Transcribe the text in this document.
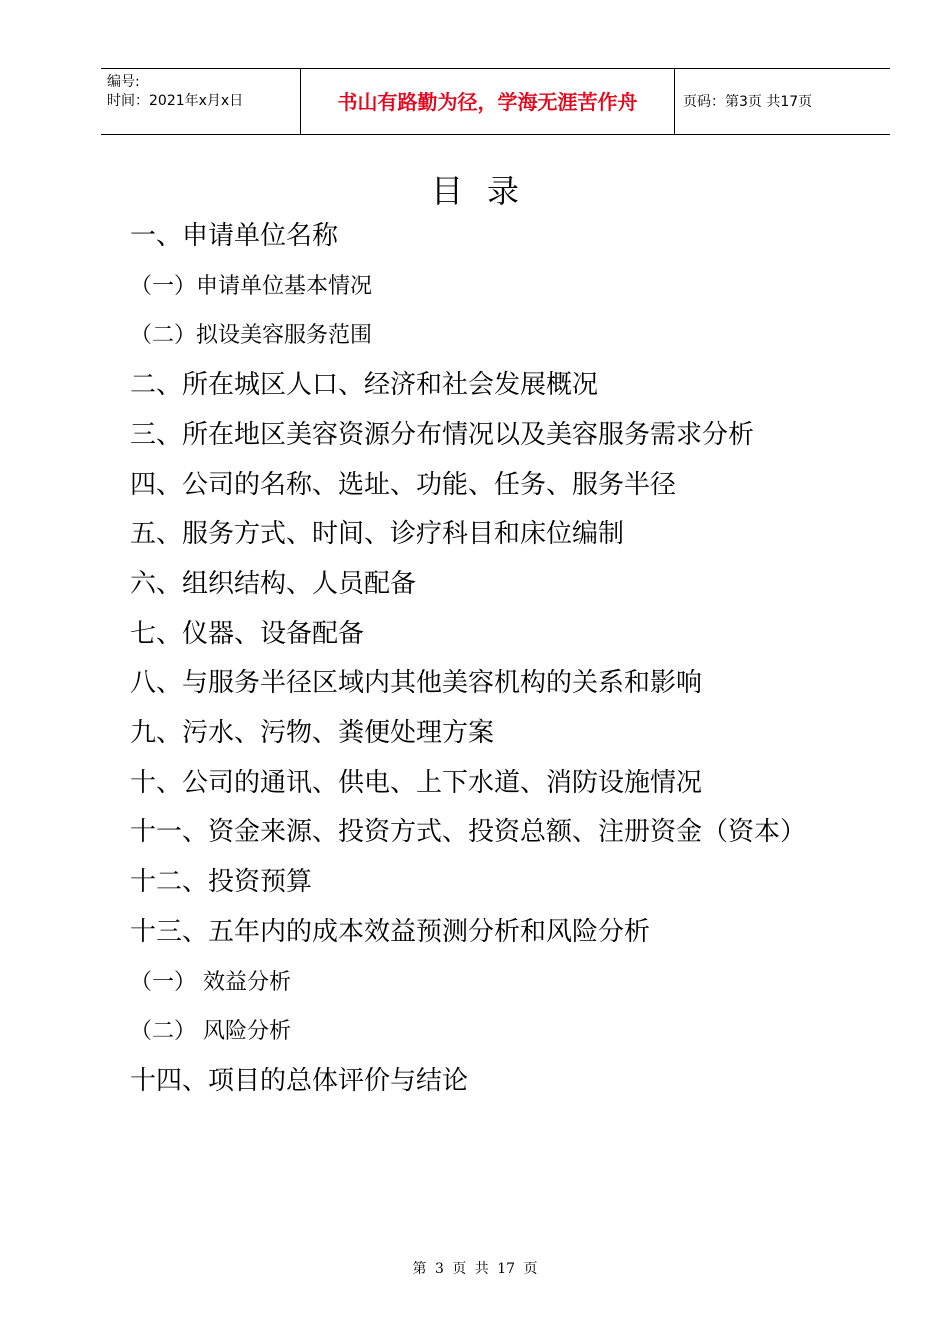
编号:
时间：2021年x月x日	书山有路勤为径，学海无涯苦作舟	页码：第3页 共17页
目录
一、申请单位名称
（一）申请单位基本情况
（二）拟设美容服务范围
二、所在城区人口、经济和社会发展概况
三、所在地区美容资源分布情况以及美容服务需求分析
四、公司的名称、选址、功能、任务、服务半径
五、服务方式、时间、诊疗科目和床位编制
六、组织结构、人员配备
七、仪器、设备配备
八、与服务半径区域内其他美容机构的关系和影响
九、污水、污物、粪便处理方案
十、公司的通讯、供电、上下水道、消防设施情况
十一、资金来源、投资方式、投资总额、注册资金（资本）
十二、投资预算
十三、五年内的成本效益预测分析和风险分析
（一） 效益分析
（二） 风险分析
十四、项目的总体评价与结论
第 3 页 共 17 页
